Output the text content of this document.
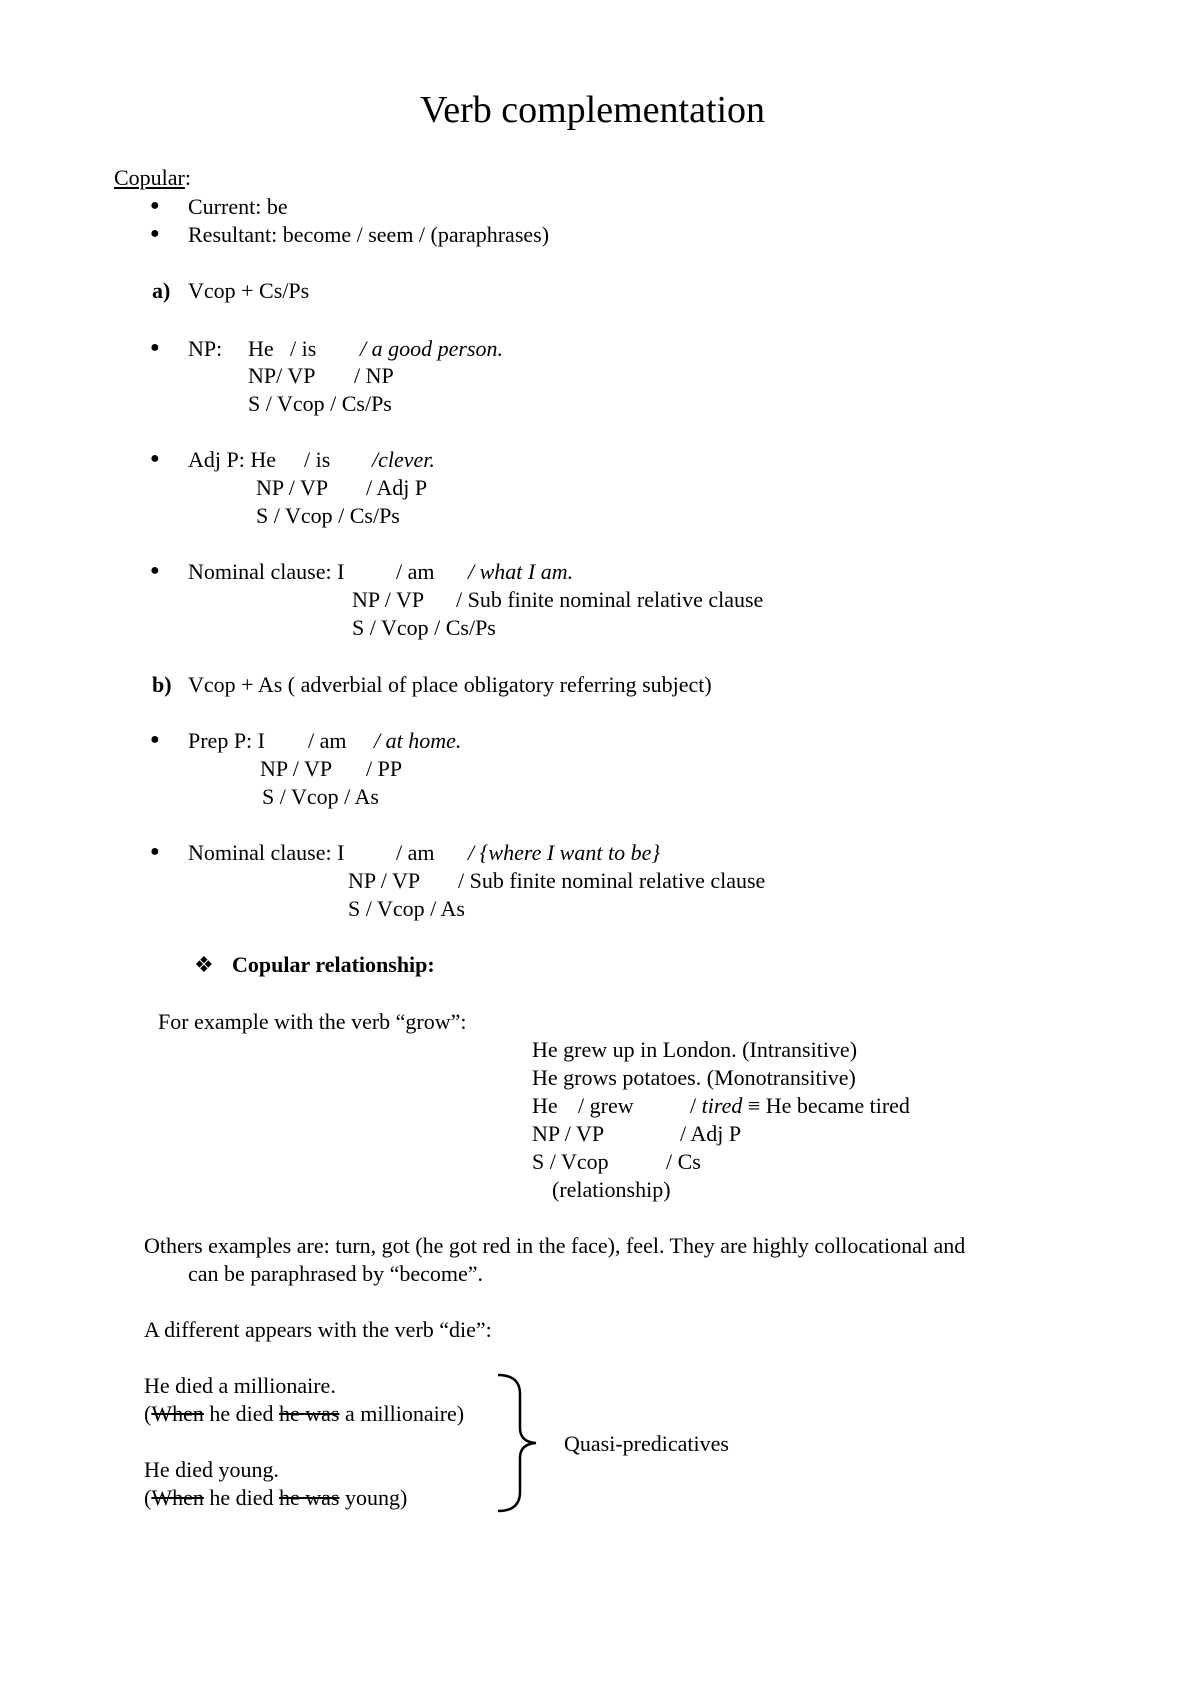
Verb complementation
Copular:
● Current: be
● Resultant: become / seem / (paraphrases)
a) Vcop + Cs/Ps
● NP: He / is / a good person.
NP/ VP / NP
S / Vcop / Cs/Ps
● Adj P: He / is /clever.
NP / VP / Adj P
S / Vcop / Cs/Ps
● Nominal clause: I / am / what I am.
NP / VP / Sub finite nominal relative clause
S / Vcop / Cs/Ps
b) Vcop + As ( adverbial of place obligatory referring subject)
● Prep P: I / am / at home.
NP / VP / PP
S / Vcop / As
● Nominal clause: I / am / {where I want to be}
NP / VP / Sub finite nominal relative clause
S / Vcop / As
❖ Copular relationship:
For example with the verb “grow”:
He grew up in London. (Intransitive)
He grows potatoes. (Monotransitive)
He / grew	/ tired ≡ He became tired
NP / VP	/ Adj P
S / Vcop	/ Cs
(relationship)
Others examples are: turn, got (he got red in the face), feel. They are highly collocational and
can be paraphrased by “become”.
A different appears with the verb “die”:
He died a millionaire.
(When he died he was a millionaire)
He died young.
(When he died he was young)
Quasi-predicatives
